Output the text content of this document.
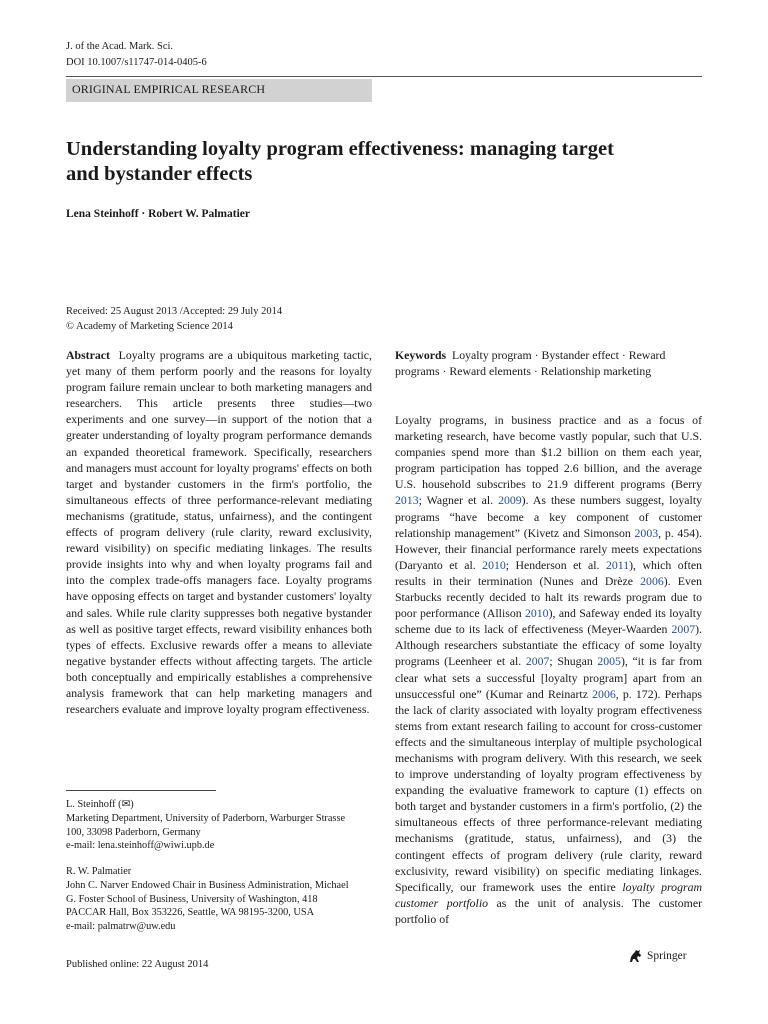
J. of the Acad. Mark. Sci.
DOI 10.1007/s11747-014-0405-6
ORIGINAL EMPIRICAL RESEARCH
Understanding loyalty program effectiveness: managing target
and bystander effects
Lena Steinhoff · Robert W. Palmatier
Received: 25 August 2013 /Accepted: 29 July 2014
© Academy of Marketing Science 2014

Abstract Loyalty programs are a ubiquitous marketing tactic, yet many of them perform poorly and the reasons for loyalty program failure remain unclear to both marketing managers and researchers. This article presents three studies—two experiments and one survey—in support of the notion that a greater understanding of loyalty program performance demands an expanded theoretical framework. Specifically, researchers and managers must account for loyalty programs' effects on both target and bystander customers in the firm's portfolio, the simultaneous effects of three performance-relevant mediating mechanisms (gratitude, status, unfairness), and the contingent effects of program delivery (rule clarity, reward exclusivity, reward visibility) on specific mediating linkages. The results provide insights into why and when loyalty programs fail and into the complex trade-offs managers face. Loyalty programs have opposing effects on target and bystander customers' loyalty and sales. While rule clarity suppresses both negative bystander as well as positive target effects, reward visibility enhances both types of effects. Exclusive rewards offer a means to alleviate negative bystander effects without affecting targets. The article both conceptually and empirically establishes a comprehensive analysis framework that can help marketing managers and researchers evaluate and improve loyalty program effectiveness.

Keywords Loyalty program · Bystander effect · Reward programs · Reward elements · Relationship marketing

Loyalty programs, in business practice and as a focus of marketing research, have become vastly popular, such that U.S. companies spend more than $1.2 billion on them each year, program participation has topped 2.6 billion, and the average U.S. household subscribes to 21.9 different programs (Berry 2013; Wagner et al. 2009). As these numbers suggest, loyalty programs “have become a key component of customer relationship management” (Kivetz and Simonson 2003, p. 454). However, their financial performance rarely meets expectations (Daryanto et al. 2010; Henderson et al. 2011), which often results in their termination (Nunes and Drèze 2006). Even Starbucks recently decided to halt its rewards program due to poor performance (Allison 2010), and Safeway ended its loyalty scheme due to its lack of effectiveness (Meyer-Waarden 2007). Although researchers substantiate the efficacy of some loyalty programs (Leenheer et al. 2007; Shugan 2005), “it is far from clear what sets a successful [loyalty program] apart from an unsuccessful one” (Kumar and Reinartz 2006, p. 172). Perhaps the lack of clarity associated with loyalty program effectiveness stems from extant research failing to account for cross-customer effects and the simultaneous interplay of multiple psychological mechanisms with program delivery. With this research, we seek to improve understanding of loyalty program effectiveness by expanding the evaluative framework to capture (1) effects on both target and bystander customers in a firm's portfolio, (2) the simultaneous effects of three performance-relevant mediating mechanisms (gratitude, status, unfairness), and (3) the contingent effects of program delivery (rule clarity, reward exclusivity, reward visibility) on specific mediating linkages. Specifically, our framework uses the entire loyalty program customer portfolio as the unit of analysis. The customer portfolio of

L. Steinhoff (✉)
Marketing Department, University of Paderborn, Warburger Strasse
100, 33098 Paderborn, Germany
e-mail: lena.steinhoff@wiwi.upb.de
R. W. Palmatier
John C. Narver Endowed Chair in Business Administration, Michael
G. Foster School of Business, University of Washington, 418
PACCAR Hall, Box 353226, Seattle, WA 98195-3200, USA
e-mail: palmatrw@uw.edu
Published online: 22 August 2014
Springer
